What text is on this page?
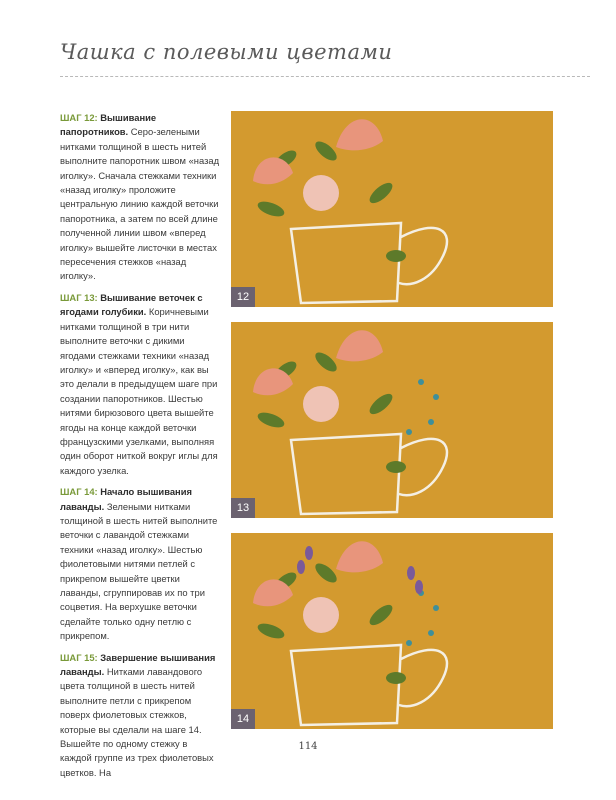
Чашка с полевыми цветами

ШАГ 12: Вышивание папоротников. Серо-зелеными нитками толщиной в шесть нитей выполните папоротник швом «назад иголку». Сначала стежками техники «назад иголку» проложите центральную линию каждой веточки папоротника, а затем по всей длине полученной линии швом «вперед иголку» вышейте листочки в местах пересечения стежков «назад иголку».

ШАГ 13: Вышивание веточек с ягодами голубики. Коричневыми нитками толщиной в три нити выполните веточки с дикими ягодами стежками техники «назад иголку» и «вперед иголку», как вы это делали в предыдущем шаге при создании папоротников. Шестью нитями бирюзового цвета вышейте ягоды на конце каждой веточки французскими узелками, выполняя один оборот ниткой вокруг иглы для каждого узелка.

ШАГ 14: Начало вышивания лаванды. Зелеными нитками толщиной в шесть нитей выполните веточки с лавандой стежками техники «назад иголку». Шестью фиолетовыми нитями петлей с прикрепом вышейте цветки лаванды, сгруппировав их по три соцветия. На верхушке веточки сделайте только одну петлю с прикрепом.

ШАГ 15: Завершение вышивания лаванды. Нитками лавандового цвета толщиной в шесть нитей выполните петли с прикрепом поверх фиолетовых стежков, которые вы сделали на шаге 14. Вышейте по одному стежку в каждой группе из трех фиолетовых цветков. На

12
13
14
114
